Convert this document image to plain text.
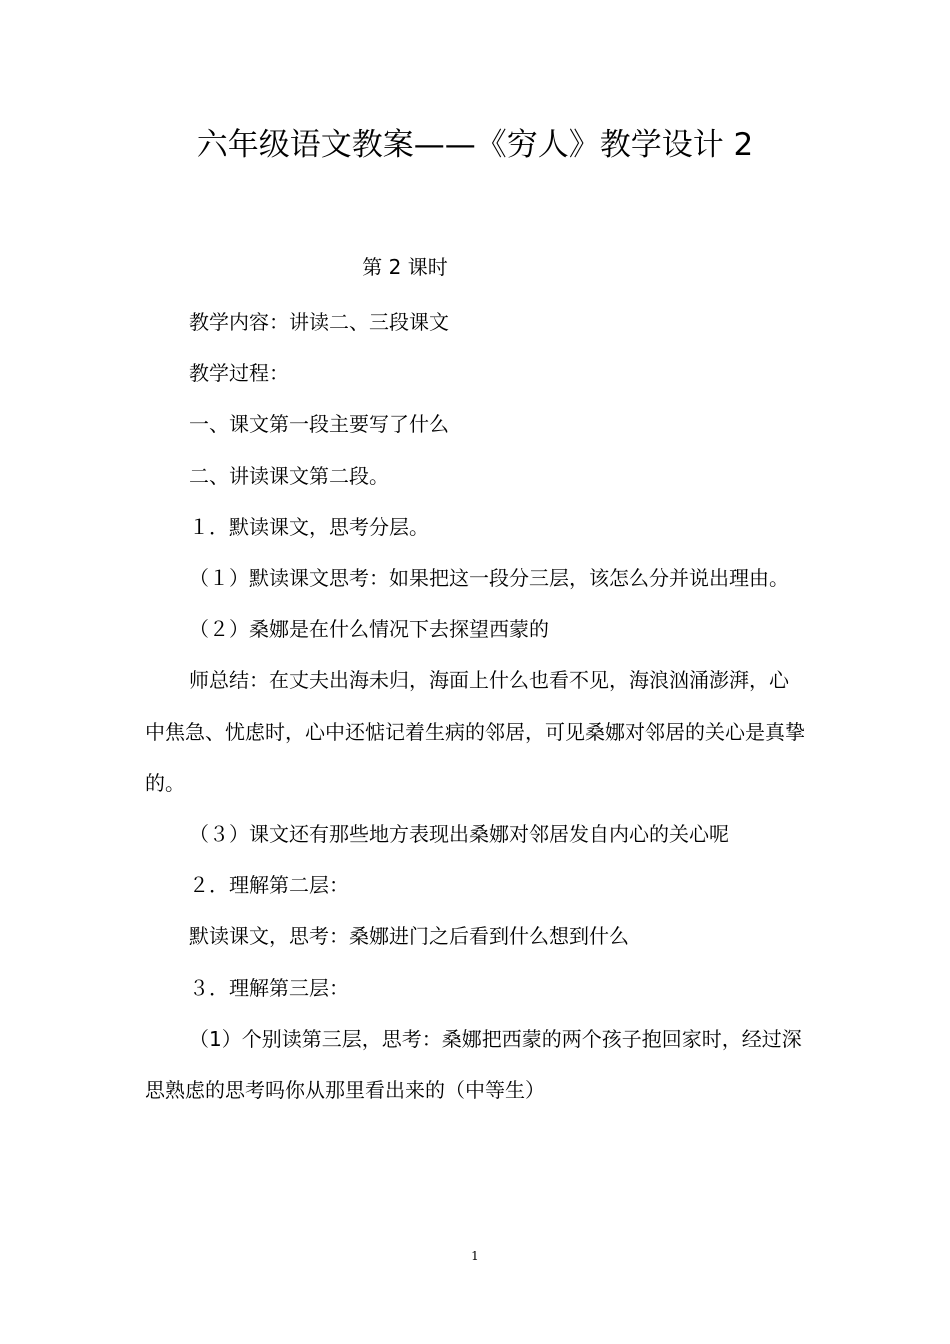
六年级语文教案——《穷人》教学设计 2
第 2 课时

教学内容：讲读二、三段课文

教学过程：

一、课文第一段主要写了什么

二、讲读课文第二段。

１．默读课文，思考分层。

（１）默读课文思考：如果把这一段分三层，该怎么分并说出理由。

（２）桑娜是在什么情况下去探望西蒙的

师总结：在丈夫出海未归，海面上什么也看不见，海浪汹涌澎湃，心中焦急、忧虑时，心中还惦记着生病的邻居，可见桑娜对邻居的关心是真挚的。

（３）课文还有那些地方表现出桑娜对邻居发自内心的关心呢

２．理解第二层：

默读课文，思考：桑娜进门之后看到什么想到什么

３．理解第三层：

（1）个别读第三层，思考：桑娜把西蒙的两个孩子抱回家时，经过深思熟虑的思考吗你从那里看出来的（中等生）

1
